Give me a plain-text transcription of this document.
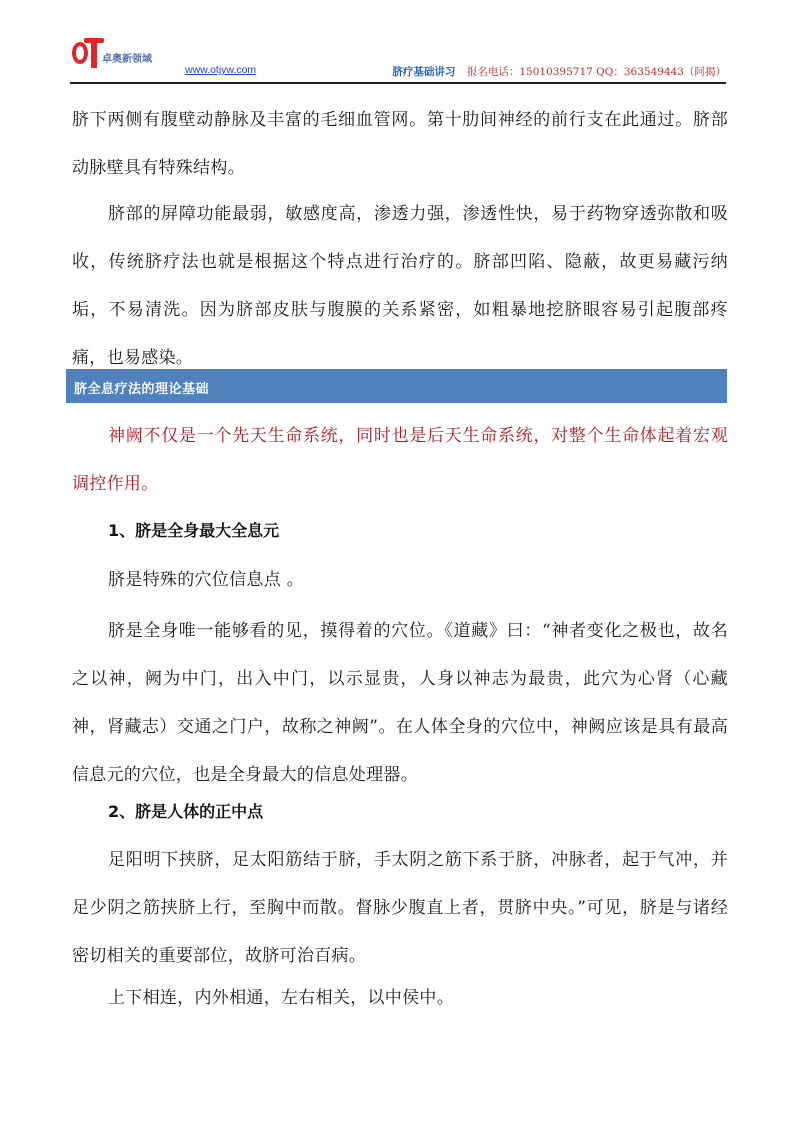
卓奥新领域
www.otjyw.com	脐疗基础讲习 报名电话：15010395717 QQ：363549443（阿揭）

脐下两侧有腹壁动静脉及丰富的毛细血管网。第十肋间神经的前行支在此通过。脐部动脉壁具有特殊结构。

脐部的屏障功能最弱，敏感度高，渗透力强，渗透性快，易于药物穿透弥散和吸收，传统脐疗法也就是根据这个特点进行治疗的。脐部凹陷、隐蔽，故更易藏污纳垢，不易清洗。因为脐部皮肤与腹膜的关系紧密，如粗暴地挖脐眼容易引起腹部疼痛，也易感染。

脐全息疗法的理论基础

神阙不仅是一个先天生命系统，同时也是后天生命系统，对整个生命体起着宏观调控作用。

1、脐是全身最大全息元

脐是特殊的穴位信息点 。

脐是全身唯一能够看的见，摸得着的穴位。《道藏》曰：“神者变化之极也，故名之以神，阙为中门，出入中门，以示显贵，人身以神志为最贵，此穴为心肾（心藏神，肾藏志）交通之门户，故称之神阙”。在人体全身的穴位中，神阙应该是具有最高信息元的穴位，也是全身最大的信息处理器。

2、脐是人体的正中点

足阳明下挟脐，足太阳筋结于脐，手太阴之筋下系于脐，冲脉者，起于气冲，并足少阴之筋挟脐上行，至胸中而散。督脉少腹直上者，贯脐中央。”可见，脐是与诸经密切相关的重要部位，故脐可治百病。

上下相连，内外相通，左右相关，以中侯中。
